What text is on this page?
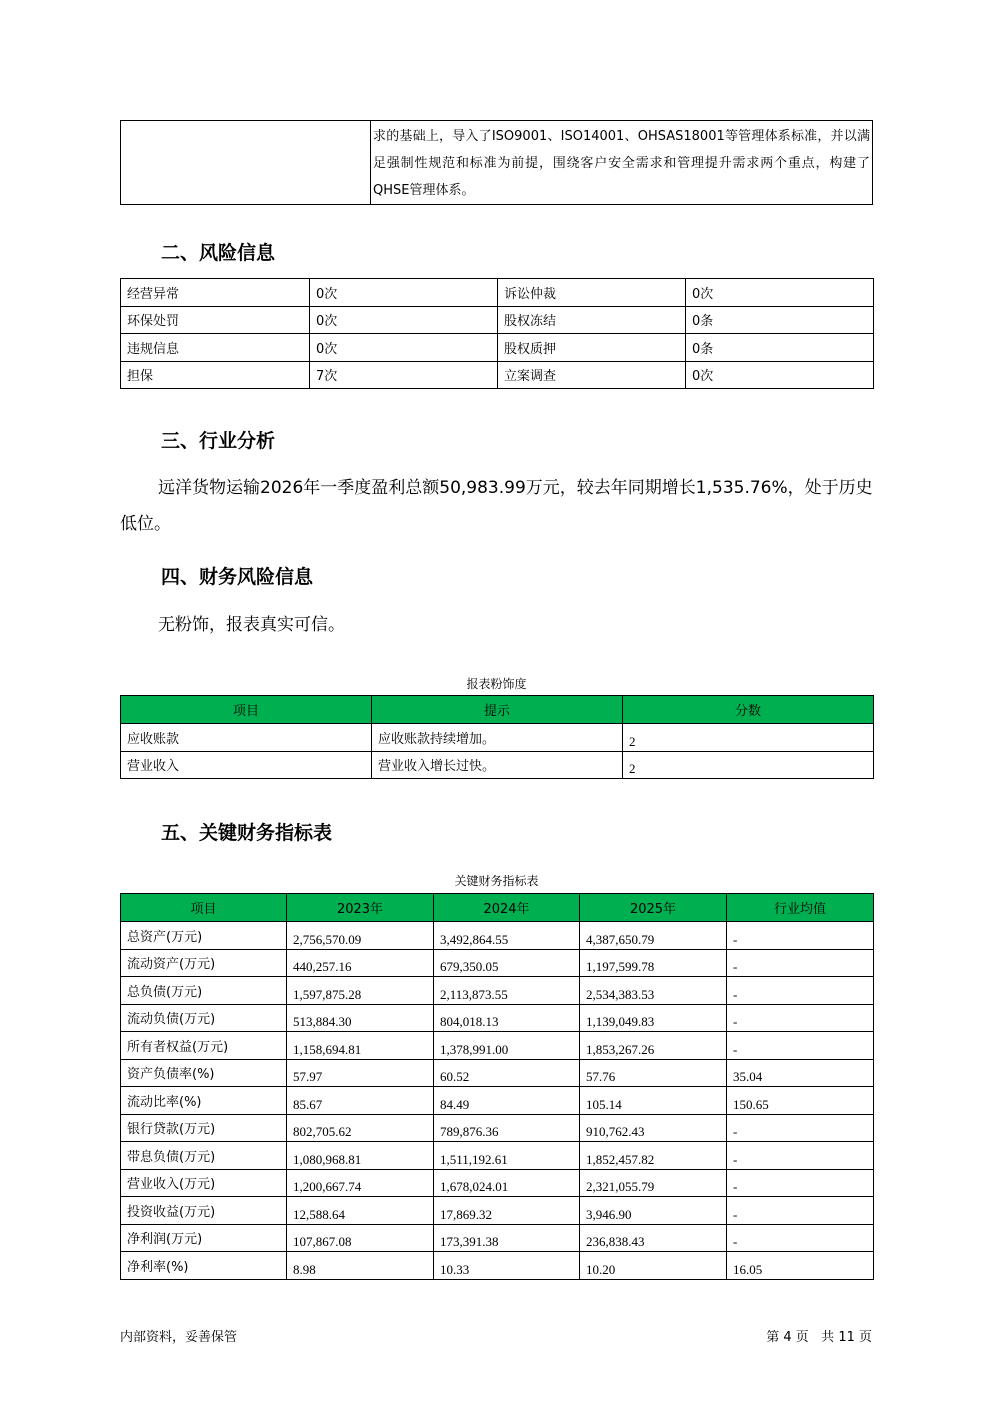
	求的基础上，导入了ISO9001、ISO14001、OHSAS18001等管理体系标准，并以满足强制性规范和标准为前提，围绕客户安全需求和管理提升需求两个重点，构建了QHSE管理体系。
二、风险信息
经营异常	0次	诉讼仲裁	0次
环保处罚	0次	股权冻结	0条
违规信息	0次	股权质押	0条
担保	7次	立案调查	0次
三、行业分析

远洋货物运输2026年一季度盈利总额50,983.99万元，较去年同期增长1,535.76%，处于历史低位。

四、财务风险信息

无粉饰，报表真实可信。

报表粉饰度
项目	提示	分数
应收账款	应收账款持续增加。	2
营业收入	营业收入增长过快。	2
五、关键财务指标表
关键财务指标表
项目	2023年	2024年	2025年	行业均值
总资产(万元)	2,756,570.09	3,492,864.55	4,387,650.79	-
流动资产(万元)	440,257.16	679,350.05	1,197,599.78	-
总负债(万元)	1,597,875.28	2,113,873.55	2,534,383.53	-
流动负债(万元)	513,884.30	804,018.13	1,139,049.83	-
所有者权益(万元)	1,158,694.81	1,378,991.00	1,853,267.26	-
资产负债率(%)	57.97	60.52	57.76	35.04
流动比率(%)	85.67	84.49	105.14	150.65
银行贷款(万元)	802,705.62	789,876.36	910,762.43	-
带息负债(万元)	1,080,968.81	1,511,192.61	1,852,457.82	-
营业收入(万元)	1,200,667.74	1,678,024.01	2,321,055.79	-
投资收益(万元)	12,588.64	17,869.32	3,946.90	-
净利润(万元)	107,867.08	173,391.38	236,838.43	-
净利率(%)	8.98	10.33	10.20	16.05
内部资料，妥善保管	第 4 页   共 11 页
